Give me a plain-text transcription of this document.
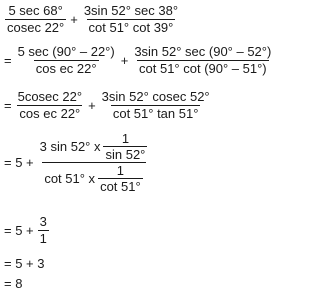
$\frac{5 \sec 68^\circ}{cosec 22^\circ} + \frac{3\sin 52^\circ \sec 38^\circ}{\cot 51^\circ \cot 39^\circ}$
= $\frac{5 \sec (90^\circ - 22^\circ)}{\text{cos ec 22°}} + \frac{3\sin 52^\circ \sec (90^\circ - 52^\circ)}{\cot 51^\circ \cot (90^\circ - 51^\circ)}$
= $\frac{5cosec 22^\circ}{\text{cos ec 22°}} + \frac{3\sin 52^\circ cosec 52^\circ}{\cot 51^\circ \tan 51^\circ}$
= $5 + \frac{3 \sin 52^\circ x \frac{1}{\sin 52^\circ}}{\cot 51^\circ x \frac{1}{\cot 51^\circ}}$
= $5 + \frac{3}{1}$
= 5 + 3
= 8
